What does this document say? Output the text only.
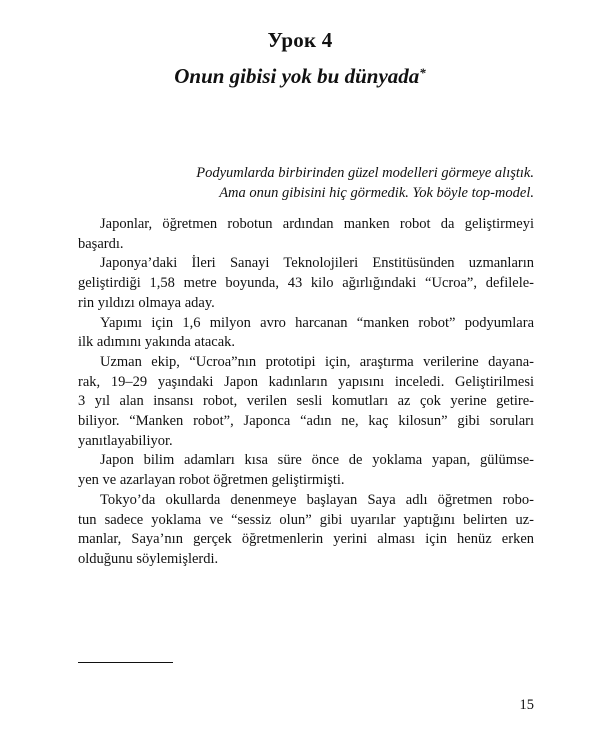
Урок 4
Onun gibisi yok bu dünyada*
Podyumlarda birbirinden güzel modelleri görmeye alıştık.
Ama onun gibisini hiç görmedik. Yok böyle top-model.

Japonlar, öğretmen robotun ardından manken robot da geliştirmeyi
başardı.

Japonya’daki İleri Sanayi Teknolojileri Enstitüsünden uzmanların
geliştirdiği 1,58 metre boyunda, 43 kilo ağırlığındaki “Ucroa”, defilele-
rin yıldızı olmaya aday.

Yapımı için 1,6 milyon avro harcanan “manken robot” podyumlara
ilk adımını yakında atacak.

Uzman ekip, “Ucroa”nın prototipi için, araştırma verilerine dayana-
rak, 19–29 yaşındaki Japon kadınların yapısını inceledi. Geliştirilmesi
3 yıl alan insansı robot, verilen sesli komutları az çok yerine getire-
biliyor. “Manken robot”, Japonca “adın ne, kaç kilosun” gibi soruları
yanıtlayabiliyor.

Japon bilim adamları kısa süre önce de yoklama yapan, gülümse-
yen ve azarlayan robot öğretmen geliştirmişti.

Tokyo’da okullarda denenmeye başlayan Saya adlı öğretmen robo-
tun sadece yoklama ve “sessiz olun” gibi uyarılar yaptığını belirten uz-
manlar, Saya’nın gerçek öğretmenlerin yerini alması için henüz erken
olduğunu söylemişlerdi.

15
